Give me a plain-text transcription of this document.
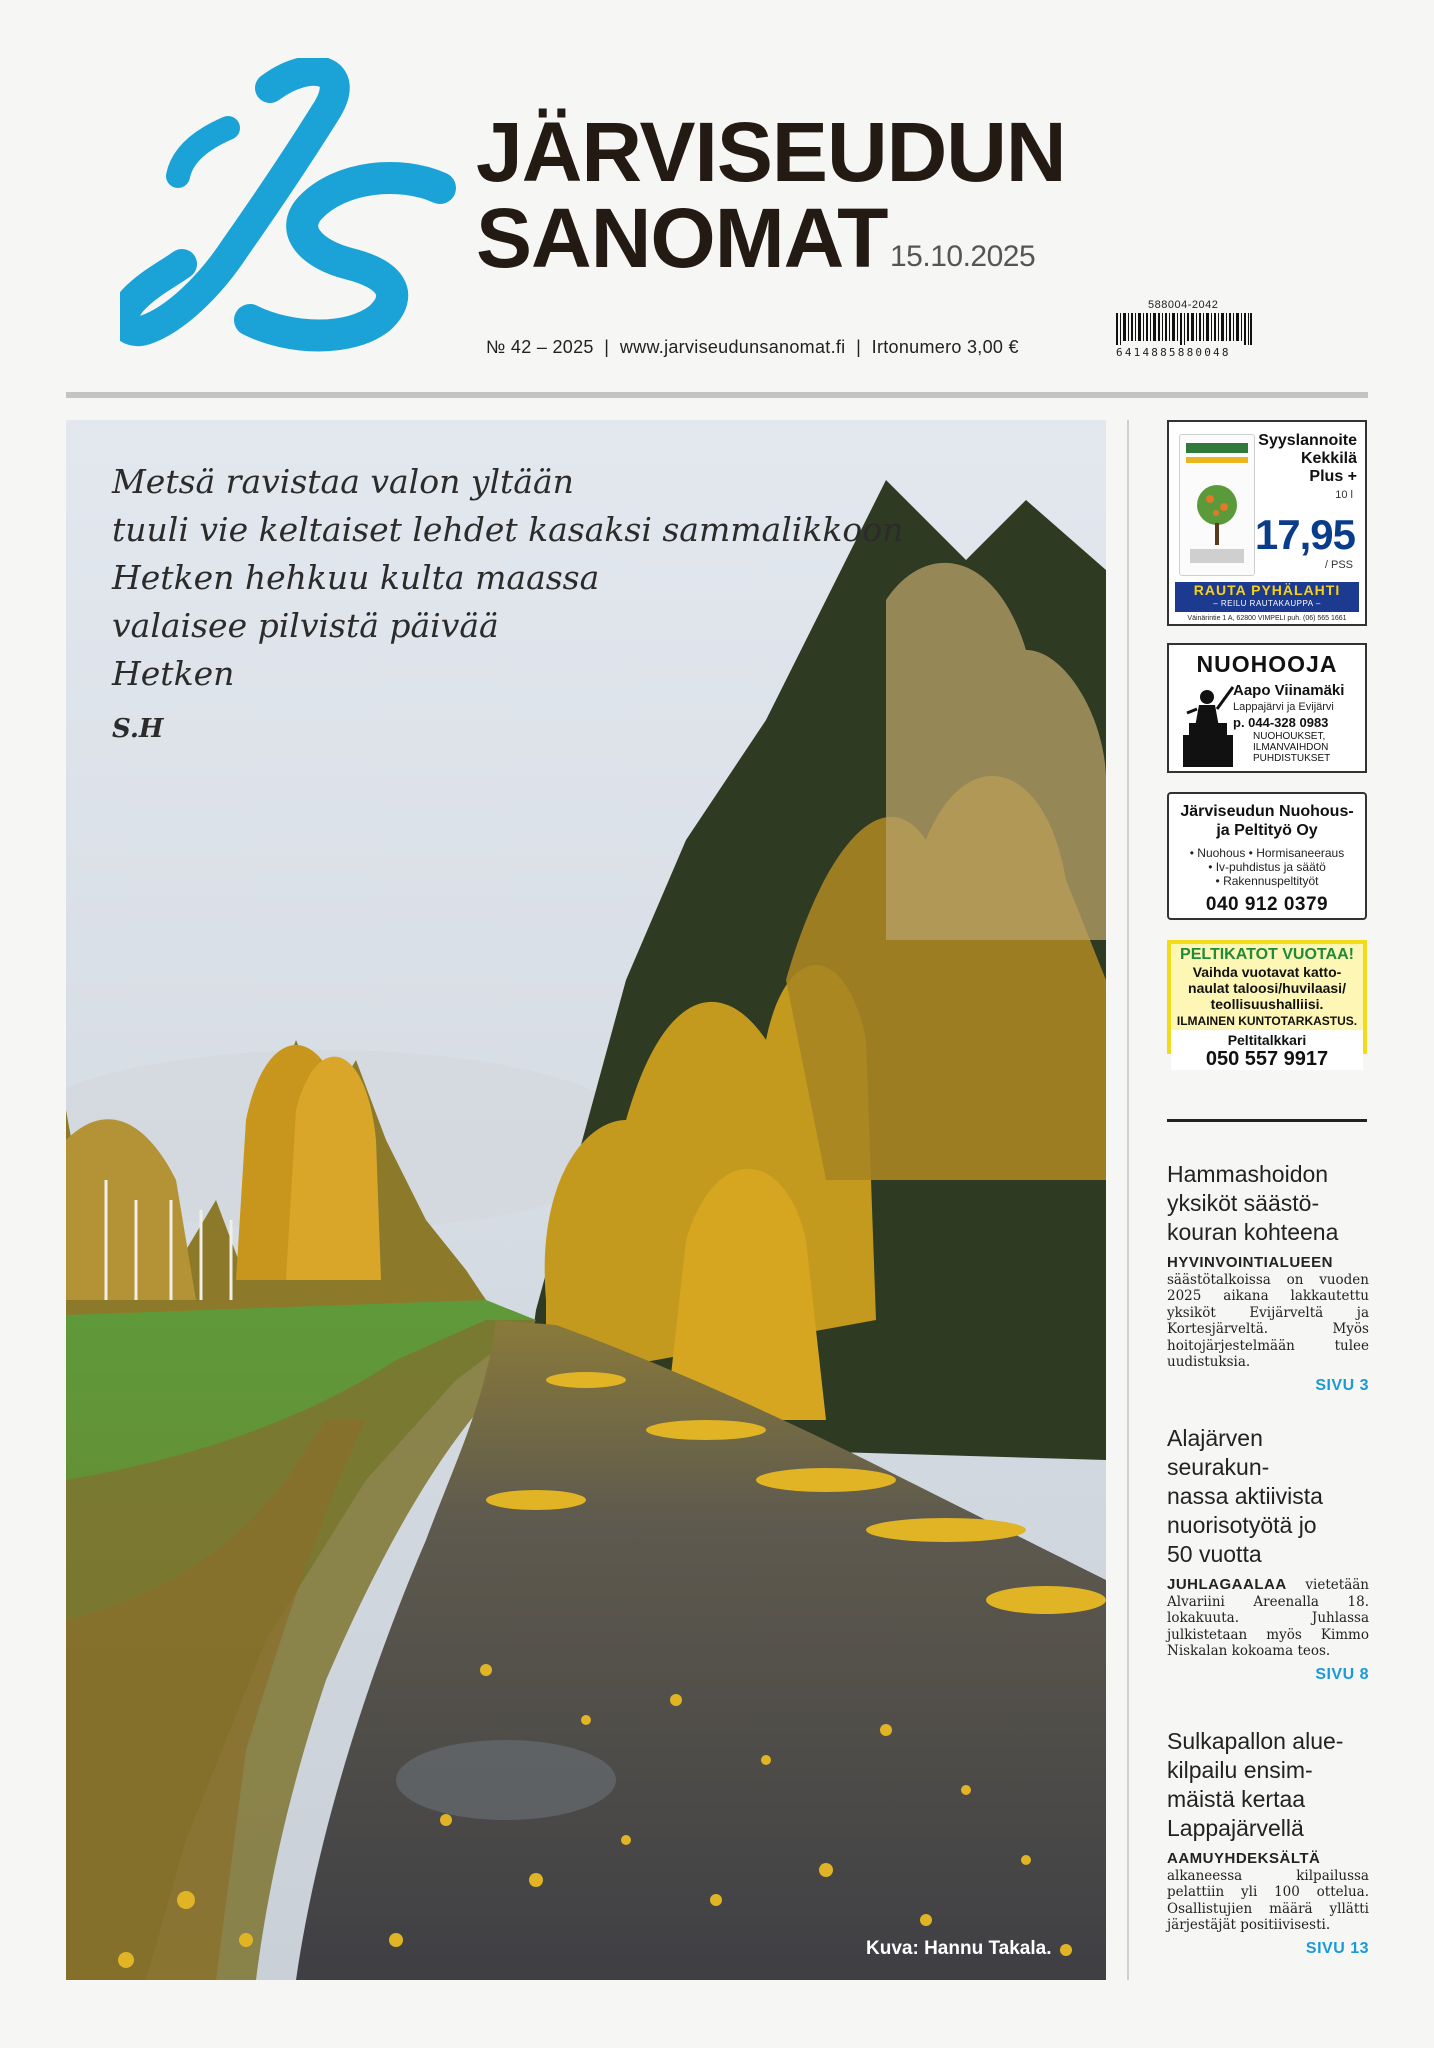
JÄRVISEUDUN
SANOMAT 15.10.2025
№ 42 – 2025  |  www.jarviseudunsanomat.fi  |  Irtonumero 3,00 €
588004-2042
6414885880048
Metsä ravistaa valon yltään
tuuli vie keltaiset lehdet kasaksi sammalikkoon
Hetken hehkuu kulta maassa
valaisee pilvistä päivää
Hetken
S.H
Kuva: Hannu Takala.
Syyslannoite
Kekkilä
Plus +
10 l
17,95
/ PSS
RAUTA PYHÄLAHTI
– REILU RAUTAKAUPPA –
Väinärintie 1 A, 62800 VIMPELI puh. (06) 565 1661
NUOHOOJA
Aapo Viinamäki
Lappajärvi ja Evijärvi
p. 044-328 0983
NUOHOUKSET,
ILMANVAIHDON
PUHDISTUKSET
Järviseudun Nuohous-
ja Peltityö Oy
• Nuohous • Hormisaneeraus
• Iv-puhdistus ja säätö
• Rakennuspeltityöt
040 912 0379
PELTIKATOT VUOTAA!
Vaihda vuotavat katto-
naulat taloosi/huvilaasi/
teollisuushalliisi.
ILMAINEN KUNTOTARKASTUS.
Peltitalkkari
050 557 9917
Hammashoidon
yksiköt säästö-
kouran kohteena
HYVINVOINTIALUEEN säästötalkoissa on vuoden 2025 aikana lakkautettu yksiköt Evijärveltä ja Kortesjärveltä. Myös hoitojärjestelmään tulee uudistuksia.
SIVU 3
Alajärven
seurakun-
nassa aktiivista
nuorisotyötä jo
50 vuotta
JUHLAGAALAA vietetään Alvariini Areenalla 18. lokakuuta. Juhlassa julkistetaan myös Kimmo Niskalan kokoama teos.
SIVU 8
Sulkapallon alue-
kilpailu ensim-
mäistä kertaa
Lappajärvellä
AAMUYHDEKSÄLTÄ alkaneessa kilpailussa pelattiin yli 100 ottelua. Osallistujien määrä yllätti järjestäjät positiivisesti.
SIVU 13
